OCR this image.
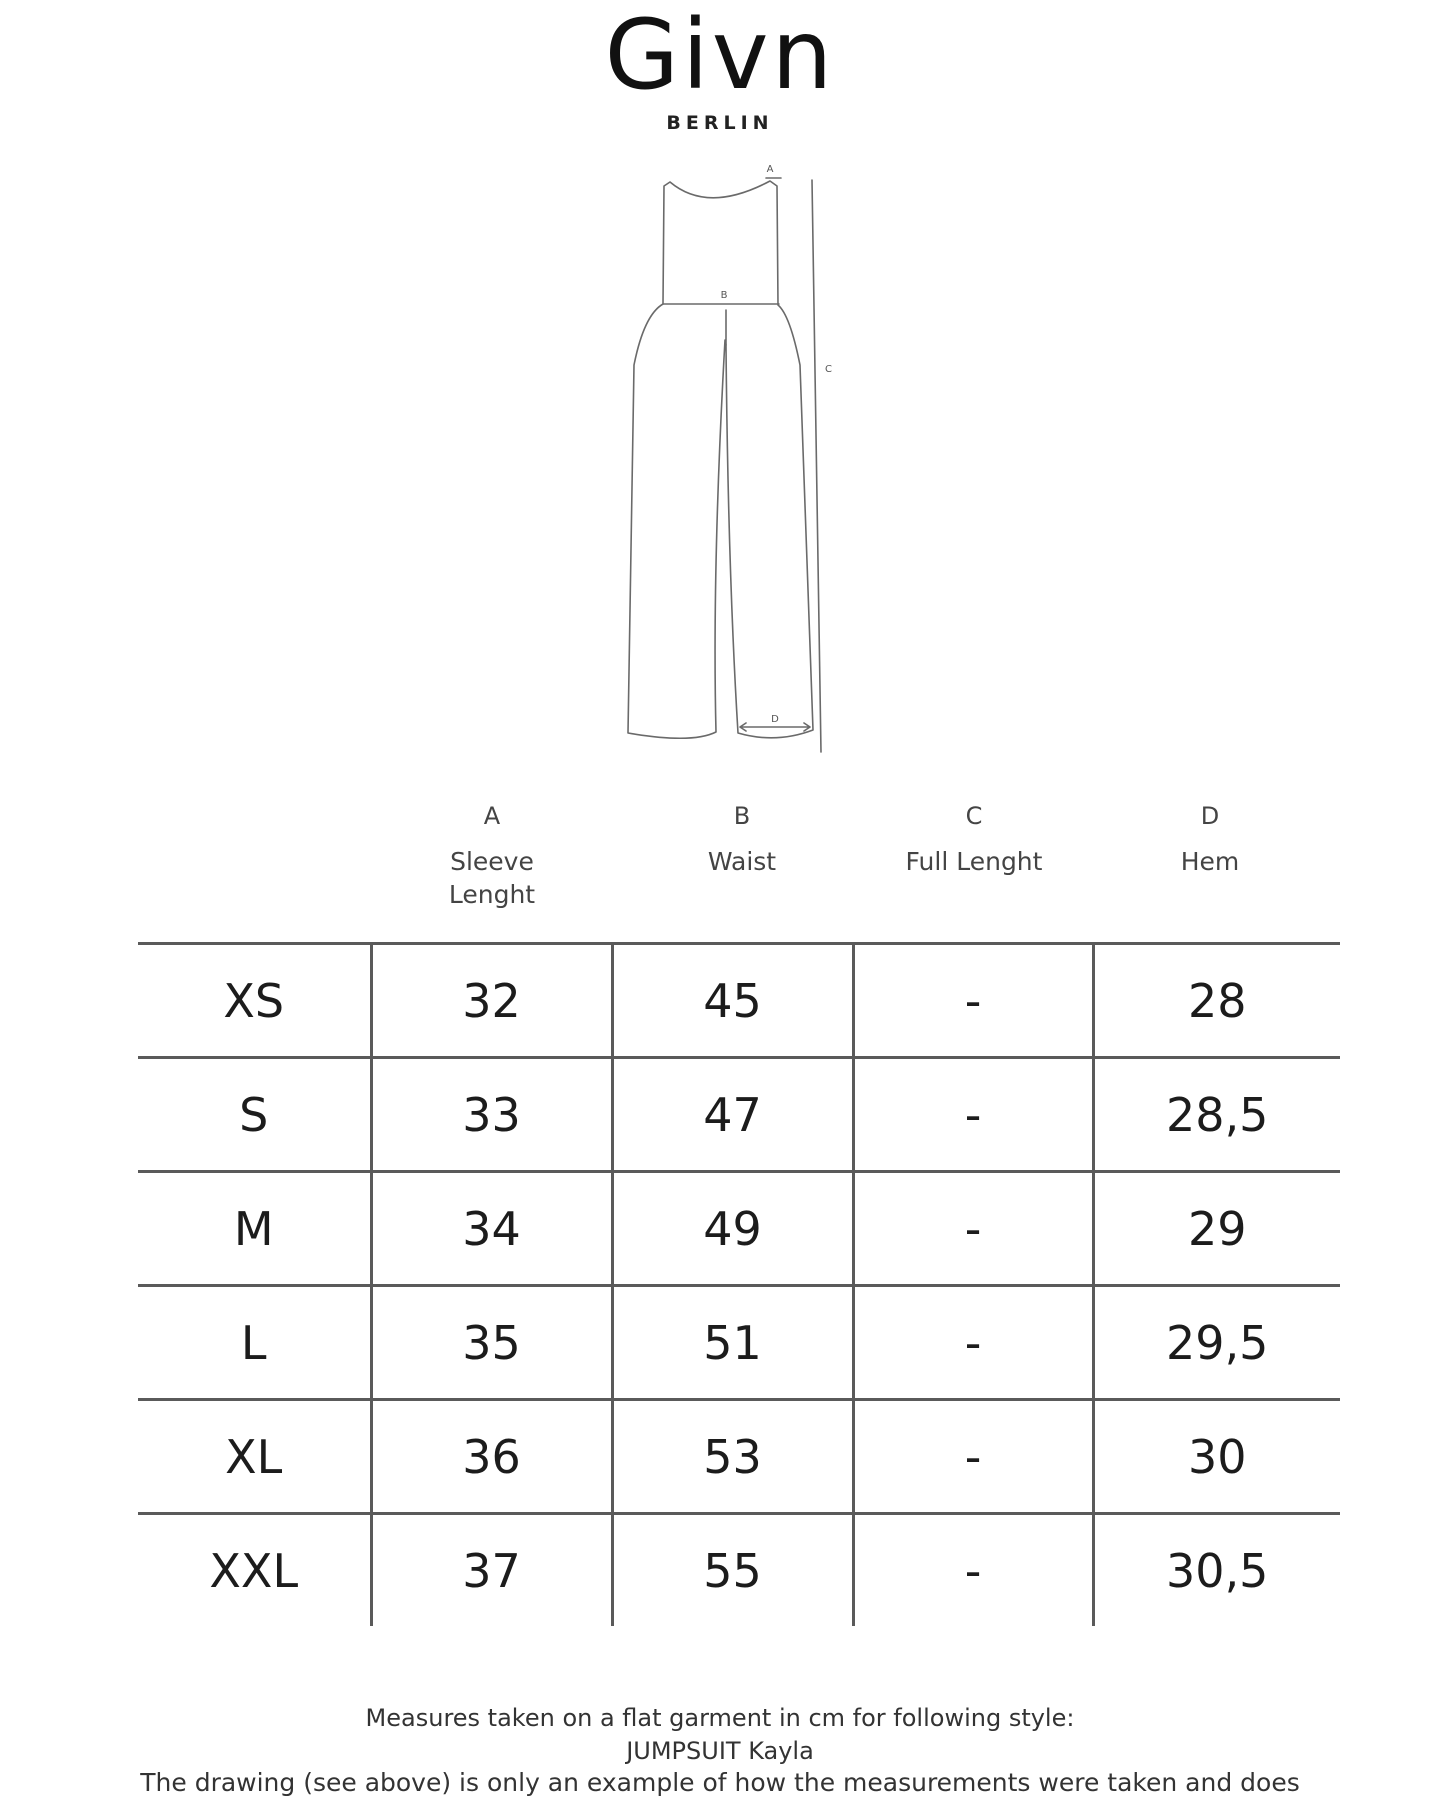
Givn
BERLIN
A
B
C
D
A
Sleeve Lenght
B
Waist
C
Full Lenght
D
Hem
XS	32	45	-	28
S	33	47	-	28,5
M	34	49	-	29
L	35	51	-	29,5
XL	36	53	-	30
XXL	37	55	-	30,5
Measures taken on a flat garment in cm for following style:
JUMPSUIT Kayla
The drawing (see above) is only an example of how the measurements were taken and does
